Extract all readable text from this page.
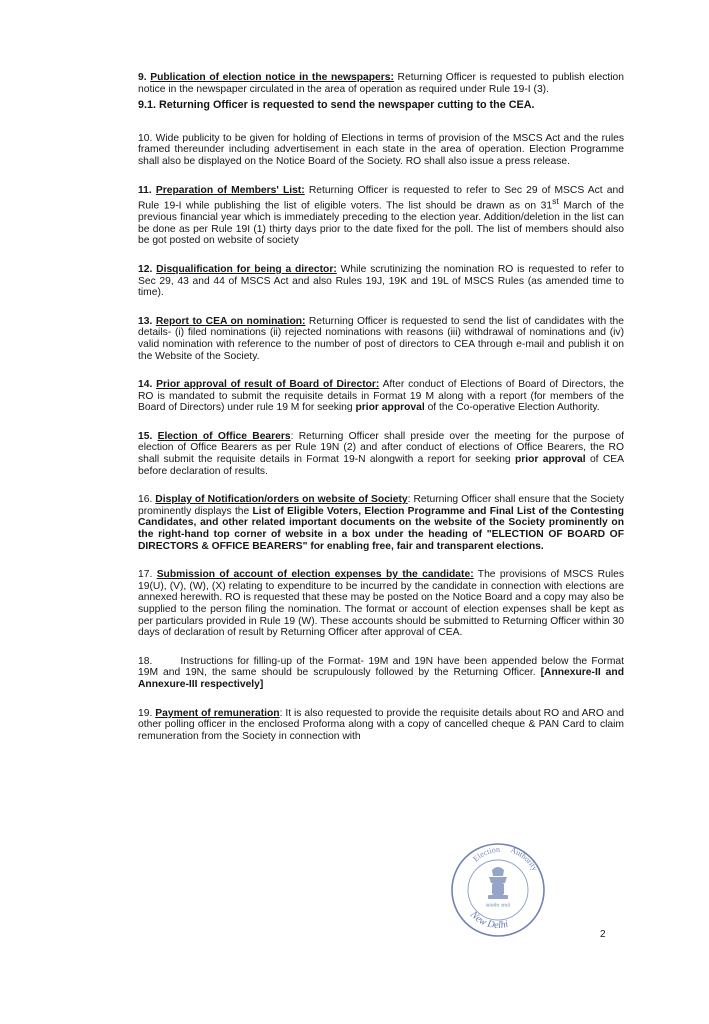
9. Publication of election notice in the newspapers: Returning Officer is requested to publish election notice in the newspaper circulated in the area of operation as required under Rule 19-I (3).

9.1. Returning Officer is requested to send the newspaper cutting to the CEA.

10. Wide publicity to be given for holding of Elections in terms of provision of the MSCS Act and the rules framed thereunder including advertisement in each state in the area of operation. Election Programme shall also be displayed on the Notice Board of the Society. RO shall also issue a press release.

11. Preparation of Members' List: Returning Officer is requested to refer to Sec 29 of MSCS Act and Rule 19-I while publishing the list of eligible voters. The list should be drawn as on 31st March of the previous financial year which is immediately preceding to the election year. Addition/deletion in the list can be done as per Rule 19I (1) thirty days prior to the date fixed for the poll. The list of members should also be got posted on website of society

12. Disqualification for being a director: While scrutinizing the nomination RO is requested to refer to Sec 29, 43 and 44 of MSCS Act and also Rules 19J, 19K and 19L of MSCS Rules (as amended time to time).

13. Report to CEA on nomination: Returning Officer is requested to send the list of candidates with the details- (i) filed nominations (ii) rejected nominations with reasons (iii) withdrawal of nominations and (iv) valid nomination with reference to the number of post of directors to CEA through e-mail and publish it on the Website of the Society.

14. Prior approval of result of Board of Director: After conduct of Elections of Board of Directors, the RO is mandated to submit the requisite details in Format 19 M along with a report (for members of the Board of Directors) under rule 19 M for seeking prior approval of the Co-operative Election Authority.

15. Election of Office Bearers: Returning Officer shall preside over the meeting for the purpose of election of Office Bearers as per Rule 19N (2) and after conduct of elections of Office Bearers, the RO shall submit the requisite details in Format 19-N alongwith a report for seeking prior approval of CEA before declaration of results.

16. Display of Notification/orders on website of Society: Returning Officer shall ensure that the Society prominently displays the List of Eligible Voters, Election Programme and Final List of the Contesting Candidates, and other related important documents on the website of the Society prominently on the right-hand top corner of website in a box under the heading of "ELECTION OF BOARD OF DIRECTORS & OFFICE BEARERS" for enabling free, fair and transparent elections.

17. Submission of account of election expenses by the candidate: The provisions of MSCS Rules 19(U), (V), (W), (X) relating to expenditure to be incurred by the candidate in connection with elections are annexed herewith. RO is requested that these may be posted on the Notice Board and a copy may also be supplied to the person filing the nomination. The format or account of election expenses shall be kept as per particulars provided in Rule 19 (W). These accounts should be submitted to Returning Officer within 30 days of declaration of result by Returning Officer after approval of CEA.

18.	Instructions for filling-up of the Format- 19M and 19N have been appended below the Format 19M and 19N, the same should be scrupulously followed by the Returning Officer. [Annexure-II and Annexure-III respectively]

19. Payment of remuneration: It is also requested to provide the requisite details about RO and ARO and other polling officer in the enclosed Proforma along with a copy of cancelled cheque & PAN Card to claim remuneration from the Society in connection with

Election Authority
New Delhi
सत्यमेव जयते
2
